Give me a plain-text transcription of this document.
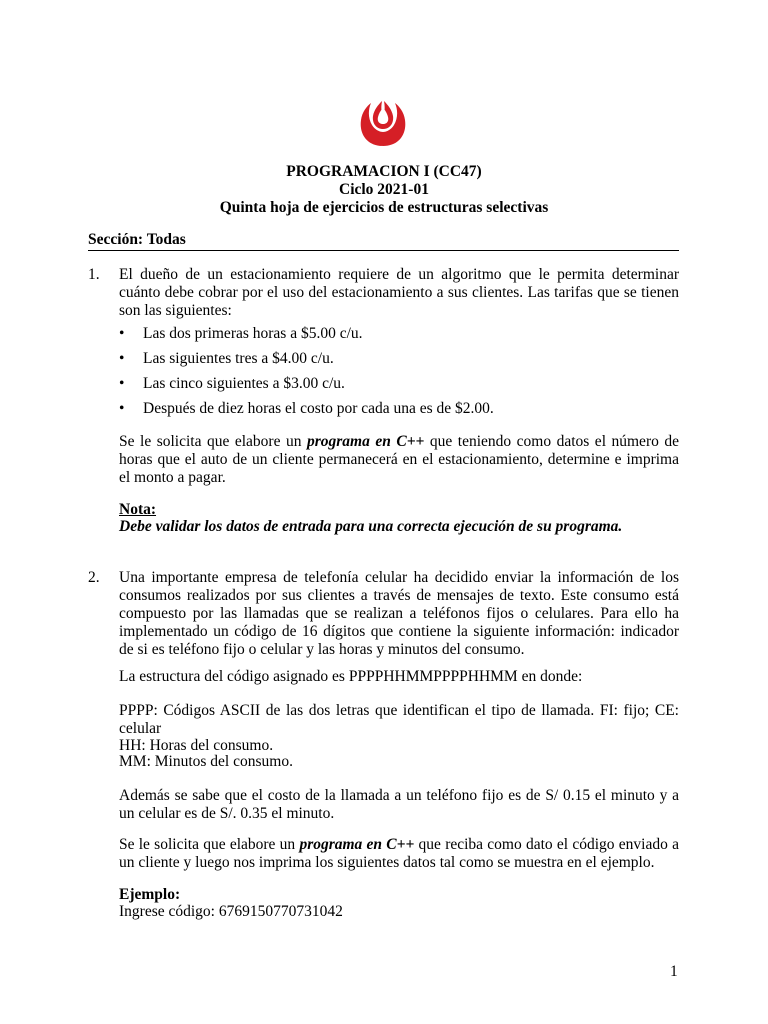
PROGRAMACION I (CC47)
Ciclo 2021-01
Quinta hoja de ejercicios de estructuras selectivas
Sección: Todas
1. El dueño de un estacionamiento requiere de un algoritmo que le permita determinar cuánto debe cobrar por el uso del estacionamiento a sus clientes. Las tarifas que se tienen son las siguientes:
• Las dos primeras horas a $5.00 c/u.
• Las siguientes tres a $4.00 c/u.
• Las cinco siguientes a $3.00 c/u.
• Después de diez horas el costo por cada una es de $2.00.
Se le solicita que elabore un programa en C++ que teniendo como datos el número de horas que el auto de un cliente permanecerá en el estacionamiento, determine e imprima el monto a pagar.
Nota:
Debe validar los datos de entrada para una correcta ejecución de su programa.
2. Una importante empresa de telefonía celular ha decidido enviar la información de los consumos realizados por sus clientes a través de mensajes de texto. Este consumo está compuesto por las llamadas que se realizan a teléfonos fijos o celulares. Para ello ha implementado un código de 16 dígitos que contiene la siguiente información: indicador de si es teléfono fijo o celular y las horas y minutos del consumo.
La estructura del código asignado es PPPPHHMMPPPPHHMM en donde:
PPPP: Códigos ASCII de las dos letras que identifican el tipo de llamada. FI: fijo; CE: celular
HH: Horas del consumo.
MM: Minutos del consumo.
Además se sabe que el costo de la llamada a un teléfono fijo es de S/ 0.15 el minuto y a un celular es de S/. 0.35 el minuto.
Se le solicita que elabore un programa en C++ que reciba como dato el código enviado a un cliente y luego nos imprima los siguientes datos tal como se muestra en el ejemplo.
Ejemplo:
Ingrese código: 6769150770731042
1
